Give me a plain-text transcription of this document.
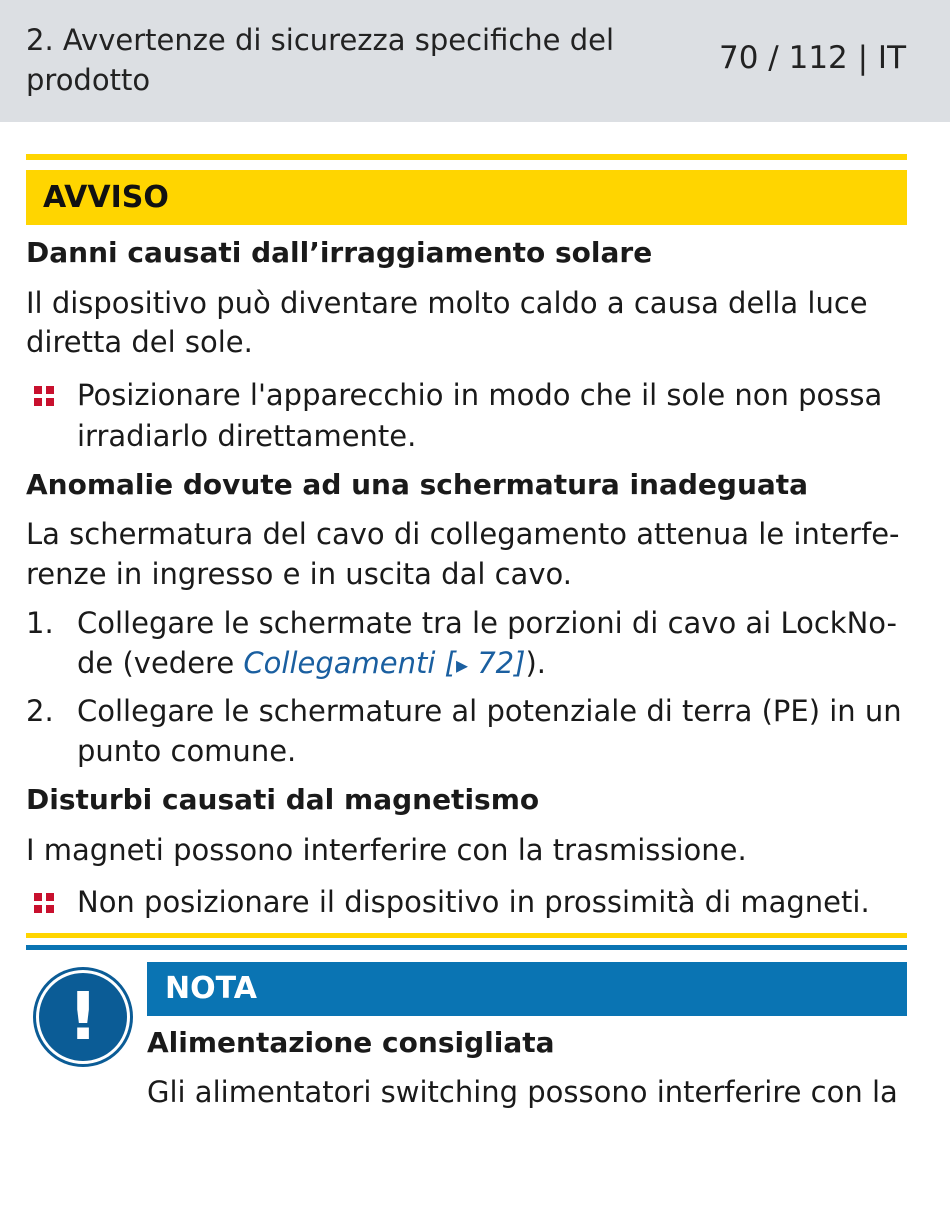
2. Avvertenze di sicurezza specifiche del prodotto
70 / 112 | IT
AVVISO
Danni causati dall’irraggiamento solare
Il dispositivo può diventare molto caldo a causa della luce
diretta del sole.
Posizionare l'apparecchio in modo che il sole non possa
irradiarlo direttamente.
Anomalie dovute ad una schermatura inadeguata
La schermatura del cavo di collegamento attenua le interfe-
renze in ingresso e in uscita dal cavo.
1. Collegare le schermate tra le porzioni di cavo ai LockNo-
de (vedere Collegamenti [▸ 72]).
2. Collegare le schermature al potenziale di terra (PE) in un
punto comune.
Disturbi causati dal magnetismo
I magneti possono interferire con la trasmissione.
Non posizionare il dispositivo in prossimità di magneti.
!	NOTA
Alimentazione consigliata
Gli alimentatori switching possono interferire con la
